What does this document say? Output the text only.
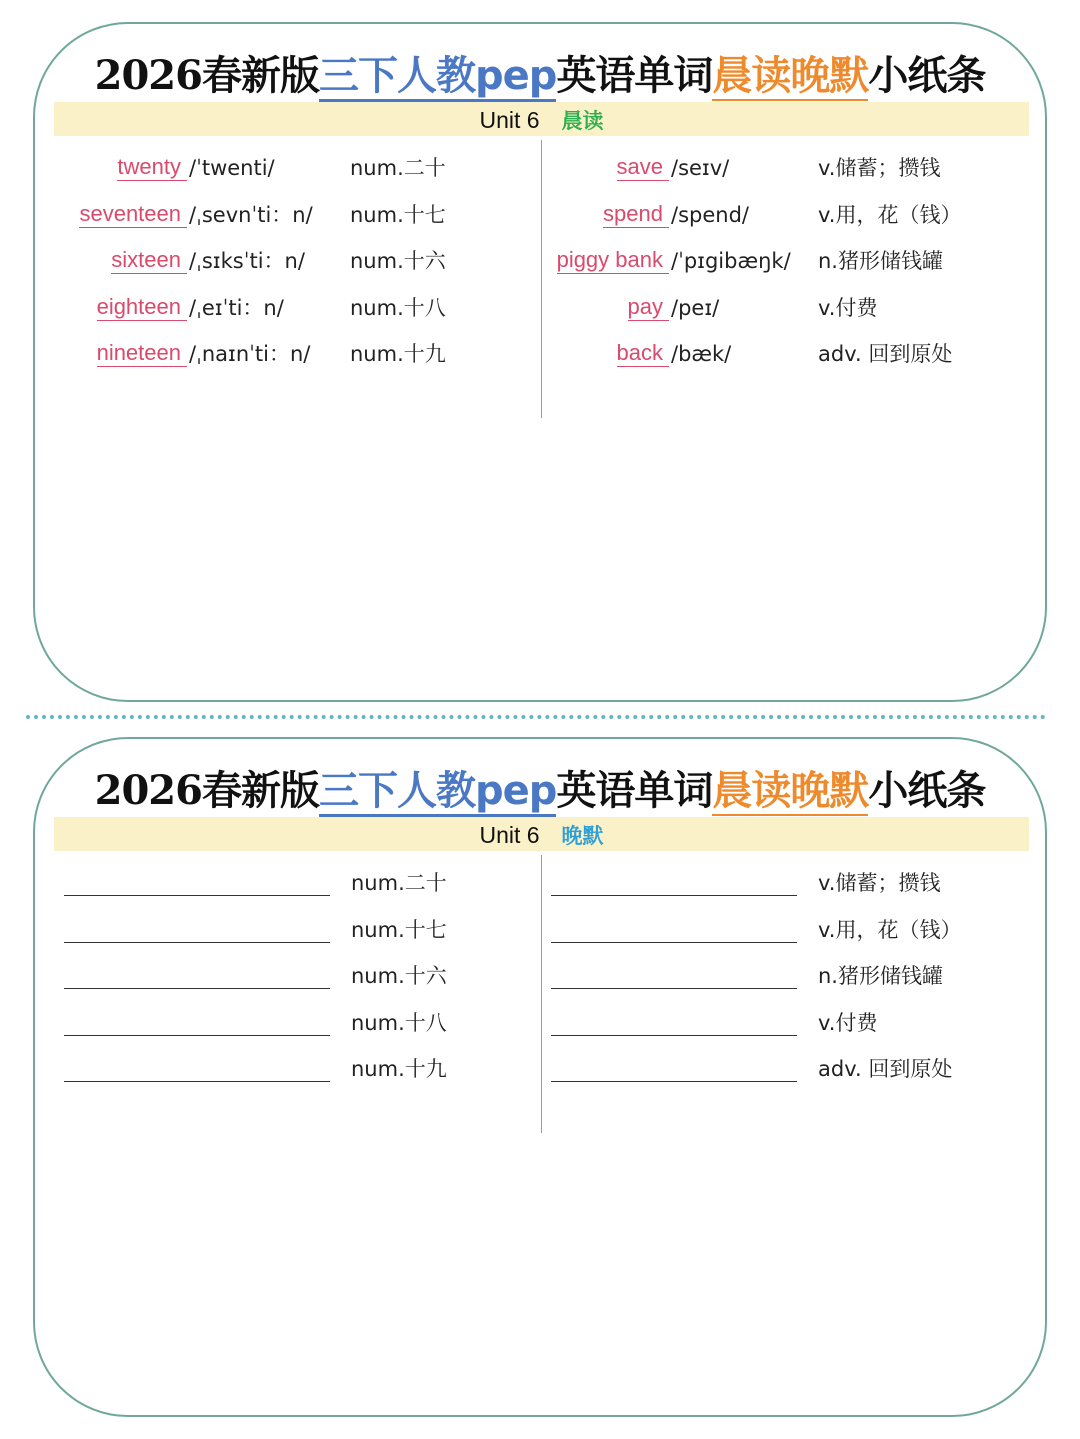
2026春新版三下人教pep英语单词晨读晚默小纸条
Unit 6 晨读
twenty /ˈtwenti/	num.二十
seventeen /ˌsevnˈti：n/ num.十七
sixteen /ˌsɪksˈti：n/ num.十六
eighteen /ˌeɪˈti：n/	num.十八
nineteen /ˌnaɪnˈti：n/ num.十九
save /seɪv/	v.储蓄；攒钱
spend /spend/	v.用，花（钱）
piggy bank /ˈpɪgibæŋk/ n.猪形储钱罐
pay /peɪ/	v.付费
back /bæk/	adv. 回到原处
2026春新版三下人教pep英语单词晨读晚默小纸条
Unit 6 晚默
num.二十
num.十七
num.十六
num.十八
num.十九
v.储蓄；攒钱
v.用，花（钱）
n.猪形储钱罐
v.付费
adv. 回到原处
